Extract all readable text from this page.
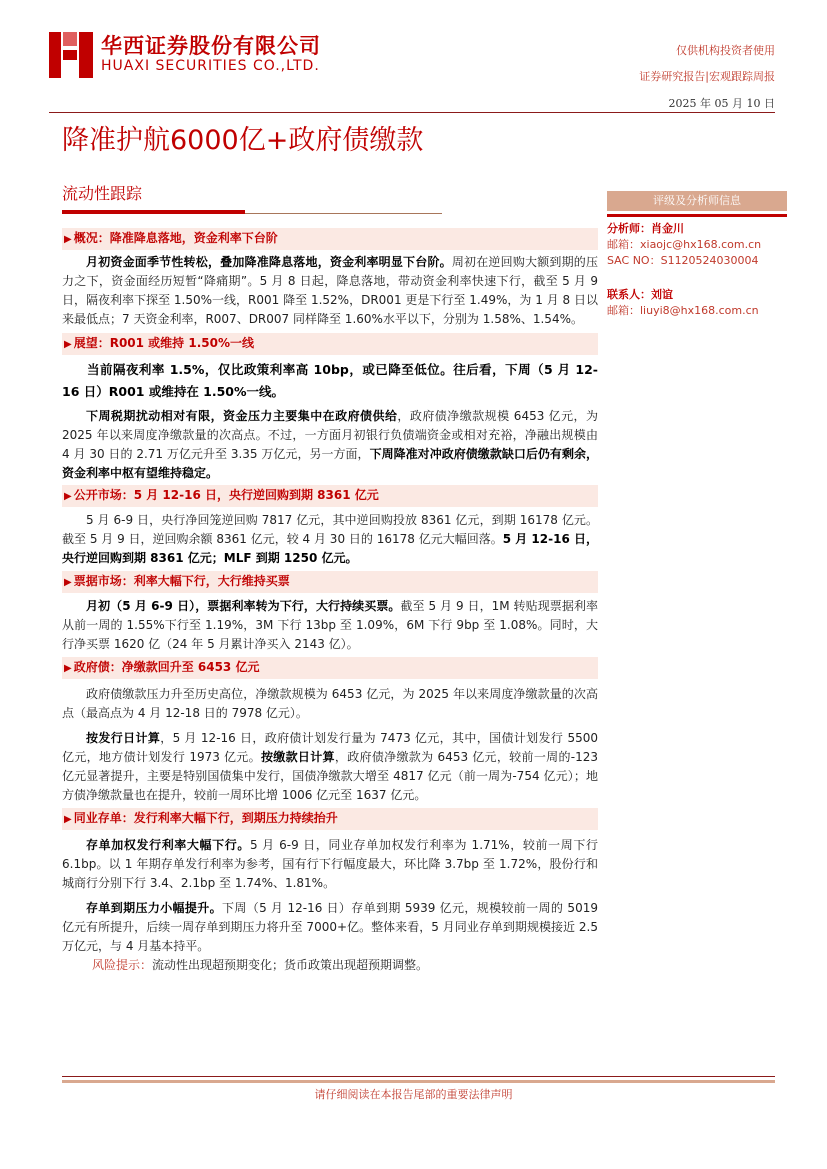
华西证券股份有限公司
HUAXI SECURITIES CO.,LTD.
仅供机构投资者使用
证券研究报告|宏观跟踪周报
2025 年 05 月 10 日
降准护航6000亿+政府债缴款
流动性跟踪
▶ 概况：降准降息落地，资金利率下台阶

月初资金面季节性转松，叠加降准降息落地，资金利率明显下台阶。周初在逆回购大额到期的压力之下，资金面经历短暂“降痛期”。5 月 8 日起，降息落地，带动资金利率快速下行，截至 5 月 9 日，隔夜利率下探至 1.50%一线，R001 降至 1.52%，DR001 更是下行至 1.49%，为 1 月 8 日以来最低点；7 天资金利率，R007、DR007 同样降至 1.60%水平以下，分别为 1.58%、1.54%。

▶ 展望：R001 或维持 1.50%一线

当前隔夜利率 1.5%，仅比政策利率高 10bp，或已降至低位。往后看，下周（5 月 12-16 日）R001 或维持在 1.50%一线。

下周税期扰动相对有限，资金压力主要集中在政府债供给，政府债净缴款规模 6453 亿元，为 2025 年以来周度净缴款量的次高点。不过，一方面月初银行负债端资金或相对充裕，净融出规模由 4 月 30 日的 2.71 万亿元升至 3.35 万亿元，另一方面，下周降准对冲政府债缴款缺口后仍有剩余，资金利率中枢有望维持稳定。

▶ 公开市场：5 月 12-16 日，央行逆回购到期 8361 亿元

5 月 6-9 日，央行净回笼逆回购 7817 亿元，其中逆回购投放 8361 亿元，到期 16178 亿元。截至 5 月 9 日，逆回购余额 8361 亿元，较 4 月 30 日的 16178 亿元大幅回落。5 月 12-16 日，央行逆回购到期 8361 亿元；MLF 到期 1250 亿元。

▶ 票据市场：利率大幅下行，大行维持买票

月初（5 月 6-9 日），票据利率转为下行，大行持续买票。截至 5 月 9 日，1M 转贴现票据利率从前一周的 1.55%下行至 1.19%，3M 下行 13bp 至 1.09%，6M 下行 9bp 至 1.08%。同时，大行净买票 1620 亿（24 年 5 月累计净买入 2143 亿）。

▶ 政府债：净缴款回升至 6453 亿元

政府债缴款压力升至历史高位，净缴款规模为 6453 亿元，为 2025 年以来周度净缴款量的次高点（最高点为 4 月 12-18 日的 7978 亿元）。

按发行日计算，5 月 12-16 日，政府债计划发行量为 7473 亿元，其中，国债计划发行 5500 亿元，地方债计划发行 1973 亿元。按缴款日计算，政府债净缴款为 6453 亿元，较前一周的-123 亿元显著提升，主要是特别国债集中发行，国债净缴款大增至 4817 亿元（前一周为-754 亿元）；地方债净缴款量也在提升，较前一周环比增 1006 亿元至 1637 亿元。

▶ 同业存单：发行利率大幅下行，到期压力持续抬升

存单加权发行利率大幅下行。5 月 6-9 日，同业存单加权发行利率为 1.71%，较前一周下行 6.1bp。以 1 年期存单发行利率为参考，国有行下行幅度最大，环比降 3.7bp 至 1.72%，股份行和城商行分别下行 3.4、2.1bp 至 1.74%、1.81%。

存单到期压力小幅提升。下周（5 月 12-16 日）存单到期 5939 亿元，规模较前一周的 5019 亿元有所提升，后续一周存单到期压力将升至 7000+亿。整体来看，5 月同业存单到期规模接近 2.5 万亿元，与 4 月基本持平。

风险提示：流动性出现超预期变化；货币政策出现超预期调整。

评级及分析师信息
分析师：肖金川
邮箱：xiaojc@hx168.com.cn
SAC NO：S1120524030004
联系人：刘谊
邮箱：liuyi8@hx168.com.cn
请仔细阅读在本报告尾部的重要法律声明
